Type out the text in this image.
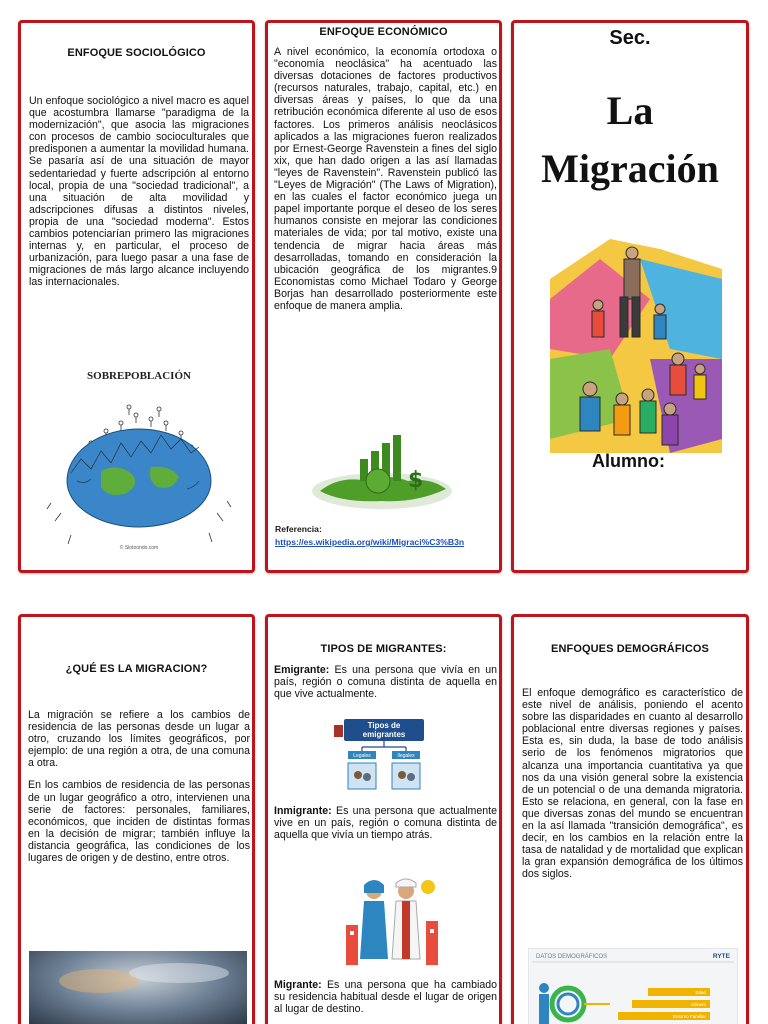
ENFOQUE SOCIOLÓGICO
Un enfoque sociológico a nivel macro es aquel que acostumbra llamarse "paradigma de la modernización", que asocia las migraciones con procesos de cambio socioculturales que predisponen a aumentar la movilidad humana. Se pasaría así de una situación de mayor sedentariedad y fuerte adscripción al entorno local, propia de una "sociedad tradicional", a una situación de alta movilidad y adscripciones difusas a distintos niveles, propia de una "sociedad moderna". Estos cambios potenciarían primero las migraciones internas y, en particular, el proceso de urbanización, para luego pasar a una fase de migraciones de más largo alcance incluyendo las internacionales.
SOBREPOBLACIÓN
© Slotoondo.com
ENFOQUE ECONÓMICO
A nivel económico, la economía ortodoxa o "economía neoclásica" ha acentuado las diversas dotaciones de factores productivos (recursos naturales, trabajo, capital, etc.) en diversas áreas y países, lo que da una retribución económica diferente al uso de esos factores. Los primeros análisis neoclásicos aplicados a las migraciones fueron realizados por Ernest-George Ravenstein a fines del siglo xix, que han dado origen a las así llamadas "leyes de Ravenstein". Ravenstein publicó las "Leyes de Migración" (The Laws of Migration), en las cuales el factor económico juega un papel importante porque el deseo de los seres humanos consiste en mejorar las condiciones materiales de vida; por tal motivo, existe una tendencia de migrar hacia áreas más desarrolladas, tomando en consideración la ubicación geográfica de los migrantes.9 Economistas como Michael Todaro y George Borjas han desarrollado posteriormente este enfoque de manera amplia.
$
Referencia:https://es.wikipedia.org/wiki/Migraci%C3%B3n
Sec.
La
Migración
Alumno:
¿QUÉ ES LA MIGRACION?

La migración se refiere a los cambios de residencia de las personas desde un lugar a otro, cruzando los límites geográficos, por ejemplo: de una región a otra, de una comuna a otra.

En los cambios de residencia de las personas de un lugar geográfico a otro, intervienen una serie de factores: personales, familiares, económicos, que inciden de distintas formas en la decisión de migrar; también influye la distancia geográfica, las condiciones de los lugares de origen y de destino, entre otros.

TIPOS DE MIGRANTES:
Emigrante: Es una persona que vivía en un país, región o comuna distinta de aquella en que vive actualmente.
Tipos de
emigrantes
Legales	Ilegales
Inmigrante: Es una persona que actualmente vive en un país, región o comuna distinta de aquella que vivía un tiempo atrás.
Migrante: Es una persona que ha cambiado su residencia habitual desde el lugar de origen al lugar de destino.
ENFOQUES DEMOGRÁFICOS
El enfoque demográfico es característico de este nivel de análisis, poniendo el acento sobre las disparidades en cuanto al desarrollo poblacional entre diversas regiones y países. Esta es, sin duda, la base de todo análisis serio de los fenómenos migratorios que alcanza una importancia cuantitativa ya que nos da una visión general sobre la existencia de un potencial o de una demanda migratoria. Esto se relaciona, en general, con la fase en que diversas zonas del mundo se encuentran en la así llamada "transición demográfica", es decir, en los cambios en la relación entre la tasa de natalidad y de mortalidad que explican la gran expansión demográfica de los últimos dos siglos.
DATOS DEMOGRÁFICOS	RYTE
Edad
Género
Entorno Familiar
